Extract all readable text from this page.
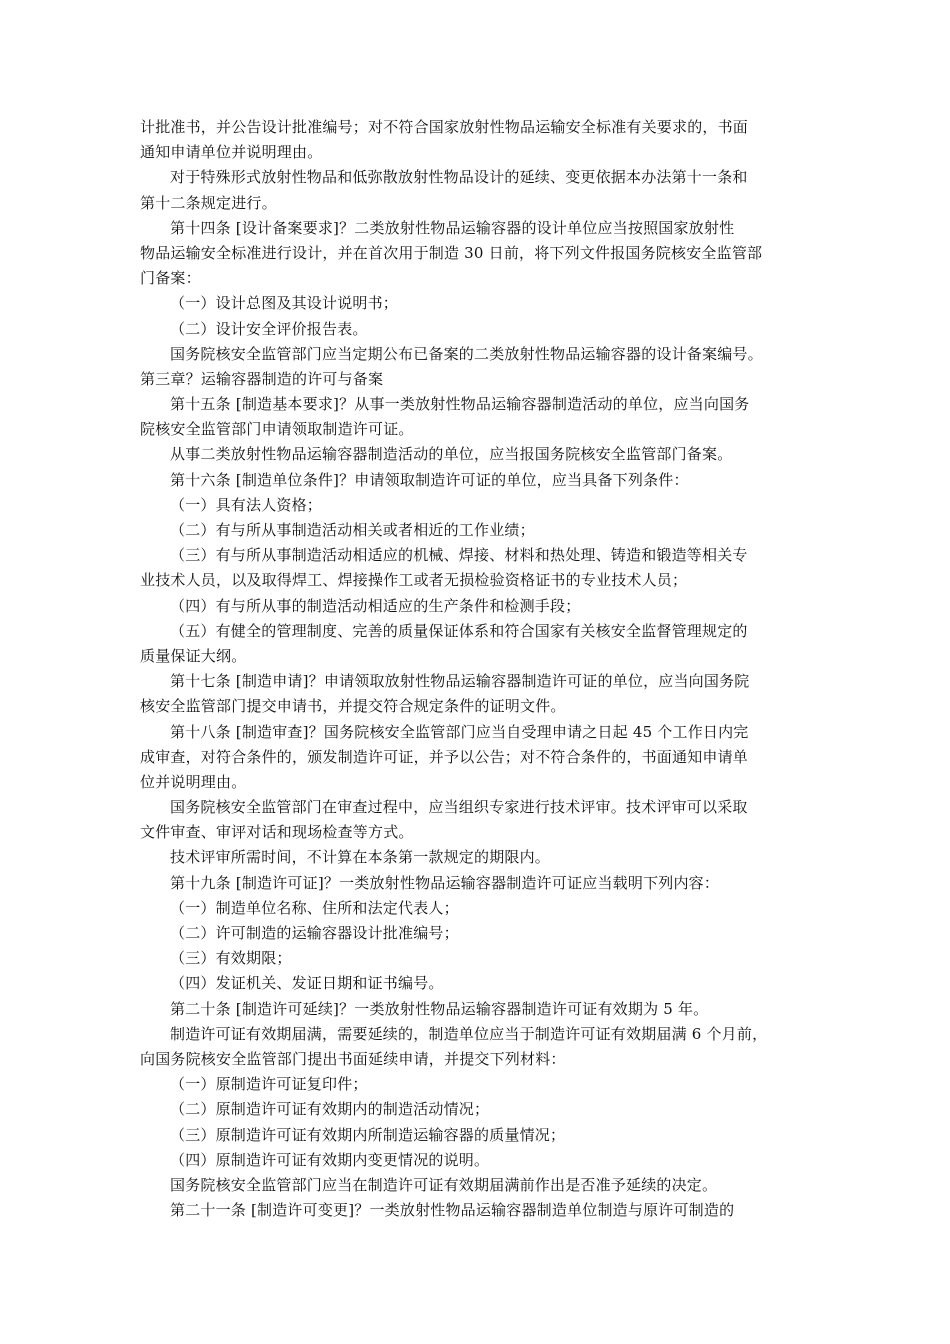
计批准书，并公告设计批准编号；对不符合国家放射性物品运输安全标准有关要求的，书面
通知申请单位并说明理由。
对于特殊形式放射性物品和低弥散放射性物品设计的延续、变更依据本办法第十一条和
第十二条规定进行。
第十四条 [设计备案要求]？二类放射性物品运输容器的设计单位应当按照国家放射性
物品运输安全标准进行设计，并在首次用于制造 30 日前，将下列文件报国务院核安全监管部
门备案：
（一）设计总图及其设计说明书；
（二）设计安全评价报告表。
国务院核安全监管部门应当定期公布已备案的二类放射性物品运输容器的设计备案编号。
第三章？运输容器制造的许可与备案
第十五条 [制造基本要求]？从事一类放射性物品运输容器制造活动的单位，应当向国务
院核安全监管部门申请领取制造许可证。
从事二类放射性物品运输容器制造活动的单位，应当报国务院核安全监管部门备案。
第十六条 [制造单位条件]？申请领取制造许可证的单位，应当具备下列条件：
（一）具有法人资格；
（二）有与所从事制造活动相关或者相近的工作业绩；
（三）有与所从事制造活动相适应的机械、焊接、材料和热处理、铸造和锻造等相关专
业技术人员，以及取得焊工、焊接操作工或者无损检验资格证书的专业技术人员；
（四）有与所从事的制造活动相适应的生产条件和检测手段；
（五）有健全的管理制度、完善的质量保证体系和符合国家有关核安全监督管理规定的
质量保证大纲。
第十七条 [制造申请]？申请领取放射性物品运输容器制造许可证的单位，应当向国务院
核安全监管部门提交申请书，并提交符合规定条件的证明文件。
第十八条 [制造审查]？国务院核安全监管部门应当自受理申请之日起 45 个工作日内完
成审查，对符合条件的，颁发制造许可证，并予以公告；对不符合条件的，书面通知申请单
位并说明理由。
国务院核安全监管部门在审查过程中，应当组织专家进行技术评审。技术评审可以采取
文件审查、审评对话和现场检查等方式。
技术评审所需时间，不计算在本条第一款规定的期限内。
第十九条 [制造许可证]？一类放射性物品运输容器制造许可证应当载明下列内容：
（一）制造单位名称、住所和法定代表人；
（二）许可制造的运输容器设计批准编号；
（三）有效期限；
（四）发证机关、发证日期和证书编号。
第二十条 [制造许可延续]？一类放射性物品运输容器制造许可证有效期为 5 年。
制造许可证有效期届满，需要延续的，制造单位应当于制造许可证有效期届满 6 个月前，
向国务院核安全监管部门提出书面延续申请，并提交下列材料：
（一）原制造许可证复印件；
（二）原制造许可证有效期内的制造活动情况；
（三）原制造许可证有效期内所制造运输容器的质量情况；
（四）原制造许可证有效期内变更情况的说明。
国务院核安全监管部门应当在制造许可证有效期届满前作出是否准予延续的决定。
第二十一条 [制造许可变更]？一类放射性物品运输容器制造单位制造与原许可制造的
